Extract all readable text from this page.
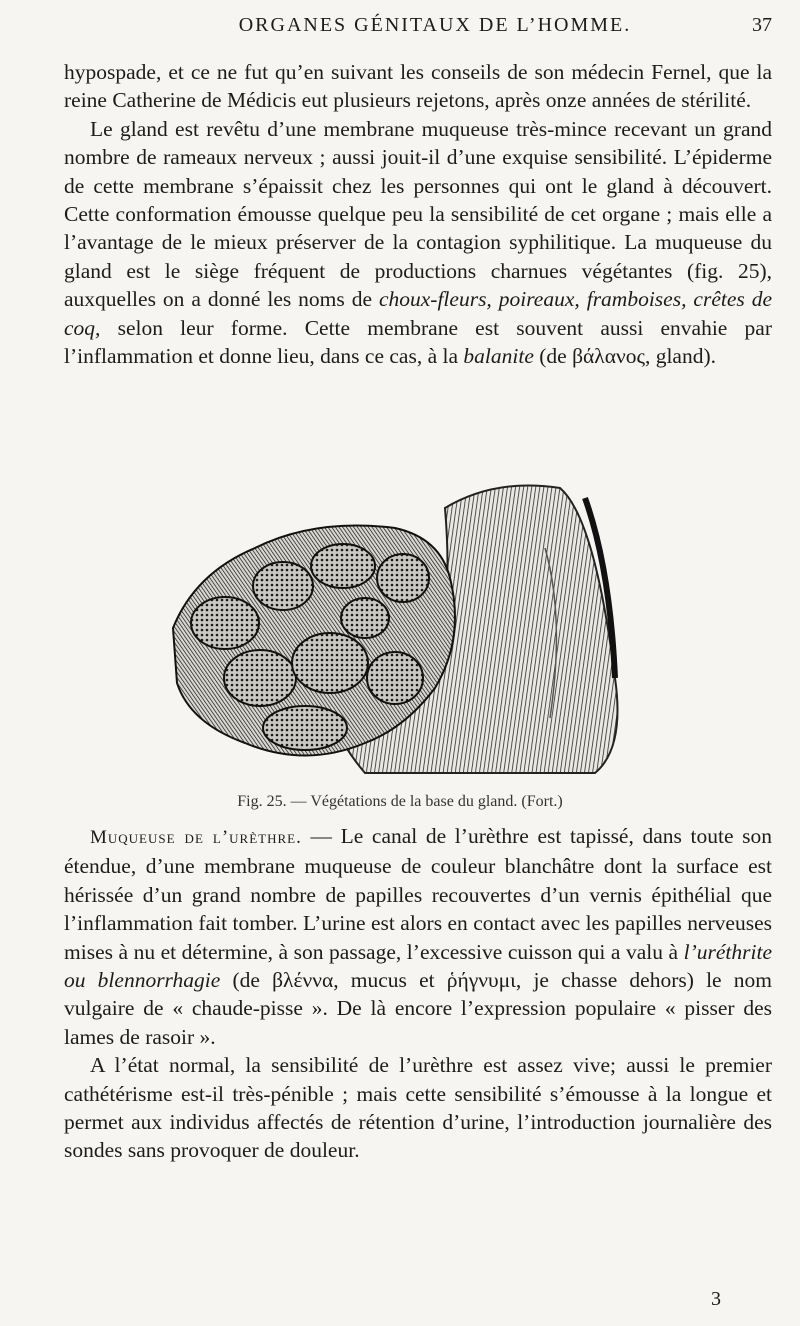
ORGANES GÉNITAUX DE L’HOMME.	37

hypospade, et ce ne fut qu’en suivant les conseils de son médecin Fernel, que la reine Catherine de Médicis eut plusieurs rejetons, après onze années de stérilité.

Le gland est revêtu d’une membrane muqueuse très-mince recevant un grand nombre de rameaux nerveux ; aussi jouit-il d’une exquise sensibilité. L’épiderme de cette membrane s’épaissit chez les personnes qui ont le gland à découvert. Cette conformation émousse quelque peu la sensibilité de cet organe ; mais elle a l’avantage de le mieux préserver de la contagion syphilitique. La muqueuse du gland est le siège fréquent de productions charnues végétantes (fig. 25), auxquelles on a donné les noms de choux-fleurs, poireaux, framboises, crêtes de coq, selon leur forme. Cette membrane est souvent aussi envahie par l’inflammation et donne lieu, dans ce cas, à la balanite (de βάλανος, gland).

Fig. 25. — Végétations de la base du gland. (Fort.)

Muqueuse de l’urèthre. — Le canal de l’urèthre est tapissé, dans toute son étendue, d’une membrane muqueuse de couleur blanchâtre dont la surface est hérissée d’un grand nombre de papilles recouvertes d’un vernis épithélial que l’inflammation fait tomber. L’urine est alors en contact avec les papilles nerveuses mises à nu et détermine, à son passage, l’excessive cuisson qui a valu à l’uréthrite ou blennorrhagie (de βλέννα, mucus et ῥήγνυμι, je chasse dehors) le nom vulgaire de « chaude-pisse ». De là encore l’expression populaire « pisser des lames de rasoir ».

A l’état normal, la sensibilité de l’urèthre est assez vive; aussi le premier cathétérisme est-il très-pénible ; mais cette sensibilité s’émousse à la longue et permet aux individus affectés de rétention d’urine, l’introduction journalière des sondes sans provoquer de douleur.

3
